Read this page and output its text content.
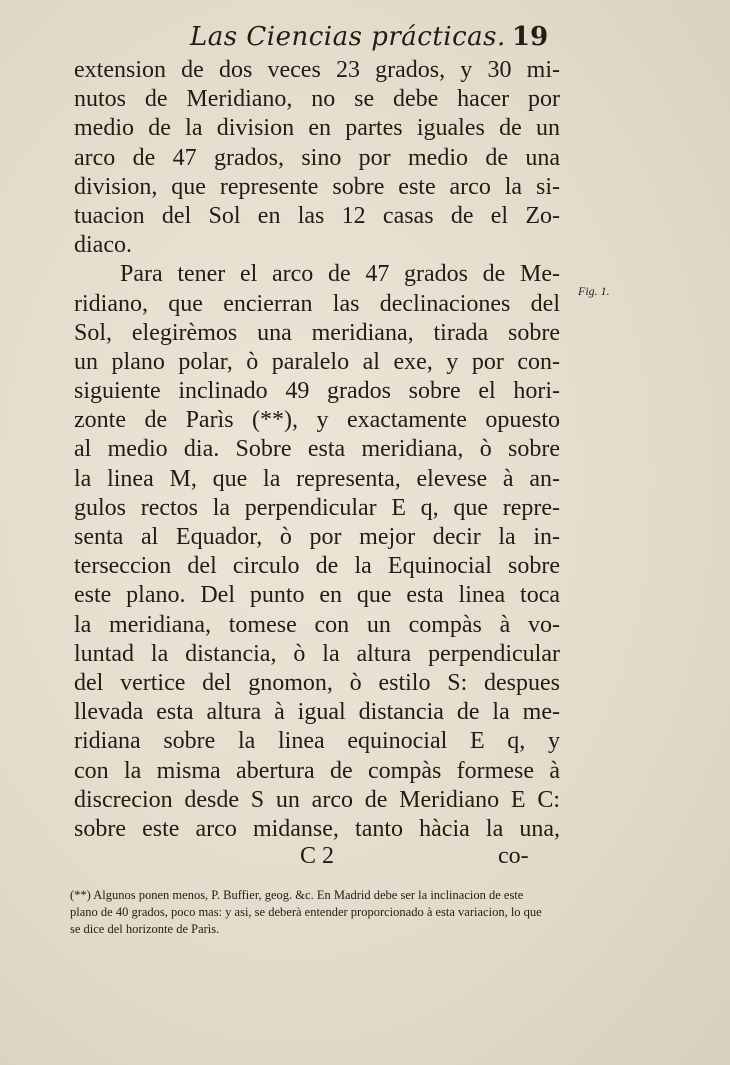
Las Ciencias prácticas. 19
extension de dos veces 23 grados, y 30 mi-
nutos de Meridiano, no se debe hacer por
medio de la division en partes iguales de un
arco de 47 grados, sino por medio de una
division, que represente sobre este arco la si-
tuacion del Sol en las 12 casas de el Zo-
diaco.
Para tener el arco de 47 grados de Me-
ridiano, que encierran las declinaciones del
Sol, elegirèmos una meridiana, tirada sobre
un plano polar, ò paralelo al exe, y por con-
siguiente inclinado 49 grados sobre el hori-
zonte de Parìs (**), y exactamente opuesto
al medio dia. Sobre esta meridiana, ò sobre
la linea M, que la representa, elevese à an-
gulos rectos la perpendicular E q, que repre-
senta al Equador, ò por mejor decir la in-
terseccion del circulo de la Equinocial sobre
este plano. Del punto en que esta linea toca
la meridiana, tomese con un compàs à vo-
luntad la distancia, ò la altura perpendicular
del vertice del gnomon, ò estilo S: despues
llevada esta altura à igual distancia de la me-
ridiana sobre la linea equinocial E q, y
con la misma abertura de compàs formese à
discrecion desde S un arco de Meridiano E C:
sobre este arco midanse, tanto hàcia la una,
Fig. 1.
C 2	co-
(**) Algunos ponen menos, P. Buffier, geog. &c. En Madrid debe ser la inclinacion de este plano de 40 grados, poco mas: y asi, se deberà entender proporcionado à esta variacion, lo que se dice del horizonte de Parìs.
